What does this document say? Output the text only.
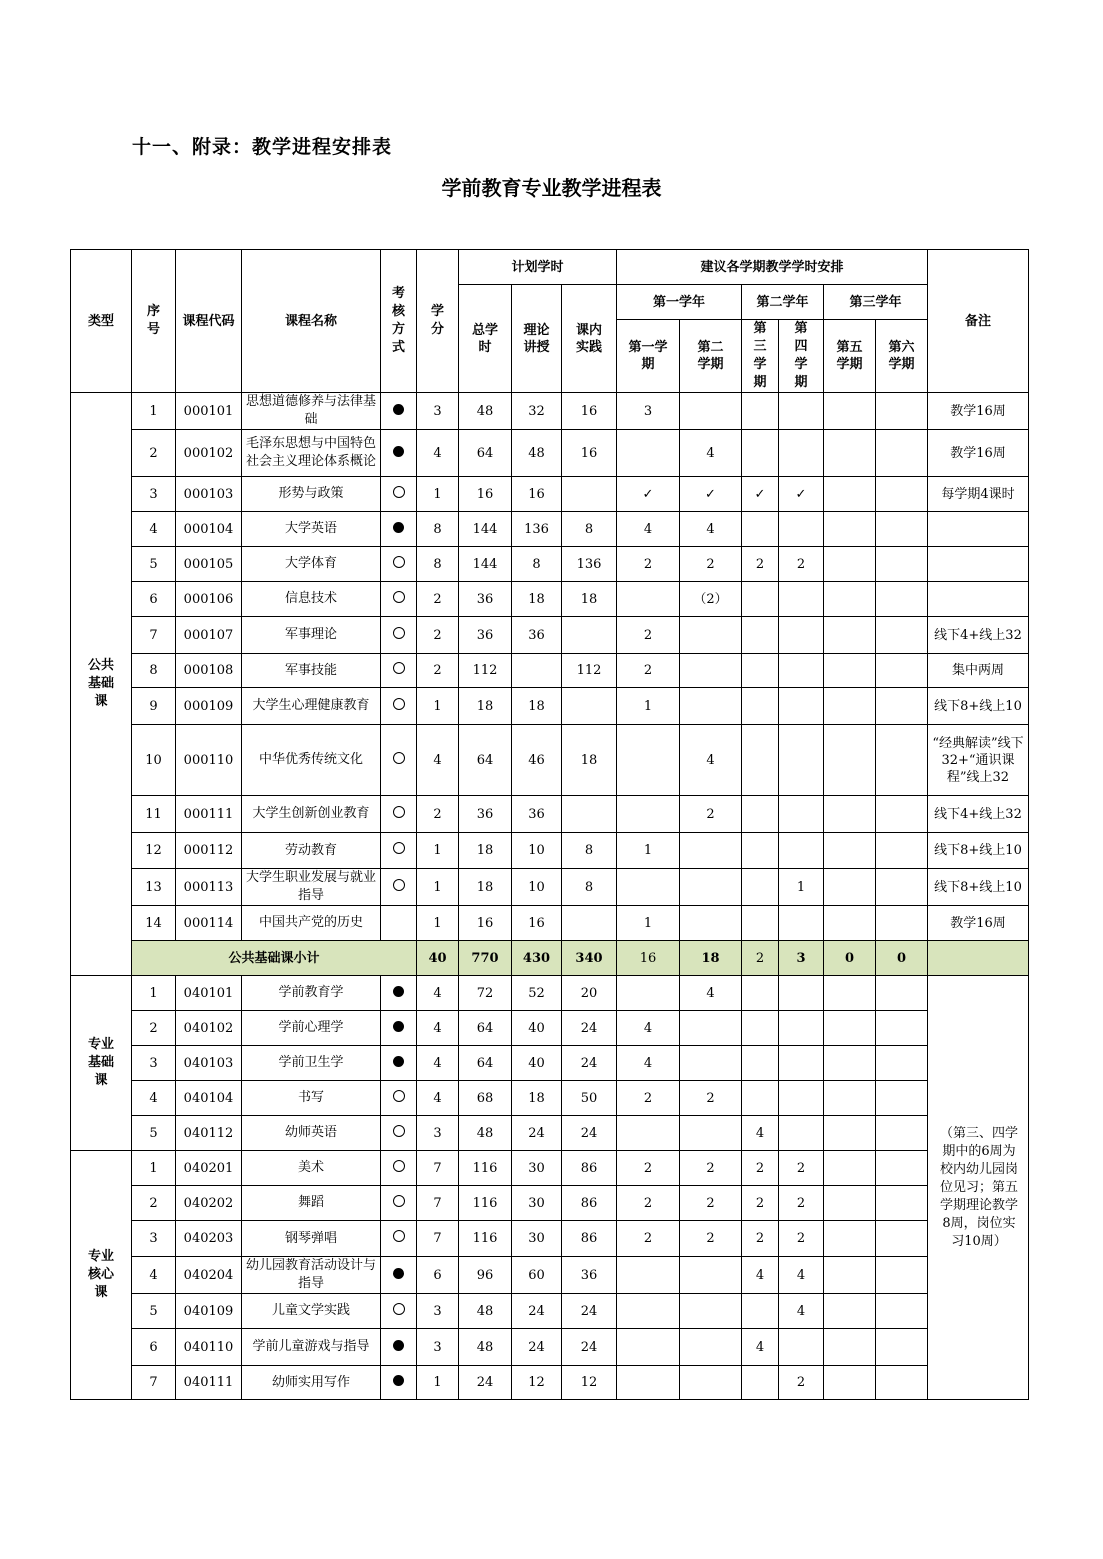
十一、附录：教学进程安排表
学前教育专业教学进程表
类型	序号	课程代码	课程名称	考核方式	学分	计划学时			建议各学期教学学时安排						备注
						总学时	理论讲授	课内实践	第一学年		第二学年		第三学年		
									第一学期	第二学期	第三学期	第四学期	第五学期	第六学期	
公共基础课	1	000101	思想道德修养与法律基础		3	48	32	16	3						教学16周
	2	000102	毛泽东思想与中国特色社会主义理论体系概论		4	64	48	16		4					教学16周
	3	000103	形势与政策		1	16	16		✓	✓	✓	✓			每学期4课时
	4	000104	大学英语		8	144	136	8	4	4					
	5	000105	大学体育		8	144	8	136	2	2	2	2			
	6	000106	信息技术		2	36	18	18		（2）					
	7	000107	军事理论		2	36	36		2						线下4+线上32
	8	000108	军事技能		2	112		112	2						集中两周
	9	000109	大学生心理健康教育		1	18	18		1						线下8+线上10
	10	000110	中华优秀传统文化		4	64	46	18		4					“经典解读”线下32+“通识课程”线上32
	11	000111	大学生创新创业教育		2	36	36			2					线下4+线上32
	12	000112	劳动教育		1	18	10	8	1						线下8+线上10
	13	000113	大学生职业发展与就业指导		1	18	10	8				1			线下8+线上10
	14	000114	中国共产党的历史		1	16	16		1						教学16周
	公共基础课小计				40	770	430	340	16	18	2	3	0	0	
专业基础课	1	040101	学前教育学		4	72	52	20		4					（第三、四学期中的6周为校内幼儿园岗位见习；第五学期理论教学8周，岗位实习10周）
	2	040102	学前心理学		4	64	40	24	4						
	3	040103	学前卫生学		4	64	40	24	4						
	4	040104	书写		4	68	18	50	2	2					
	5	040112	幼师英语		3	48	24	24			4				
专业核心课	1	040201	美术		7	116	30	86	2	2	2	2			
	2	040202	舞蹈		7	116	30	86	2	2	2	2			
	3	040203	钢琴弹唱		7	116	30	86	2	2	2	2			
	4	040204	幼儿园教育活动设计与指导		6	96	60	36			4	4			
	5	040109	儿童文学实践		3	48	24	24				4			
	6	040110	学前儿童游戏与指导		3	48	24	24			4				
	7	040111	幼师实用写作		1	24	12	12				2			
